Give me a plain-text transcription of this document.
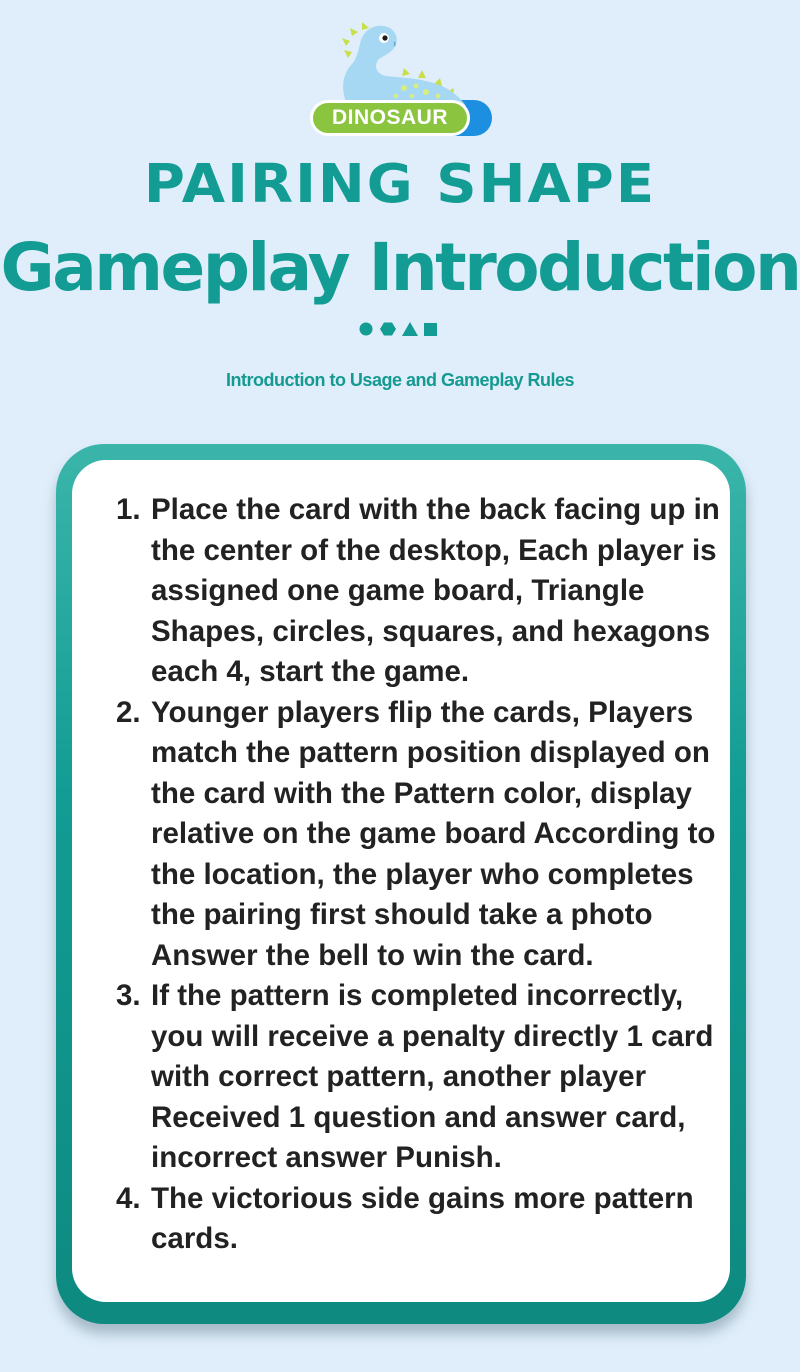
DINOSAUR
PAIRING SHAPE
Gameplay Introduction
Introduction to Usage and Gameplay Rules
1. Place the card with the back facing up in the center of the desktop, Each player is assigned one game board, Triangle Shapes, circles, squares, and hexagons each 4, start the game.
2. Younger players flip the cards, Players match the pattern position displayed on the card with the Pattern color, display relative on the game board According to the location, the player who completes the pairing first should take a photo Answer the bell to win the card.
3. If the pattern is completed incorrectly, you will receive a penalty directly 1 card with correct pattern, another player Received 1 question and answer card, incorrect answer Punish.
4. The victorious side gains more pattern cards.
